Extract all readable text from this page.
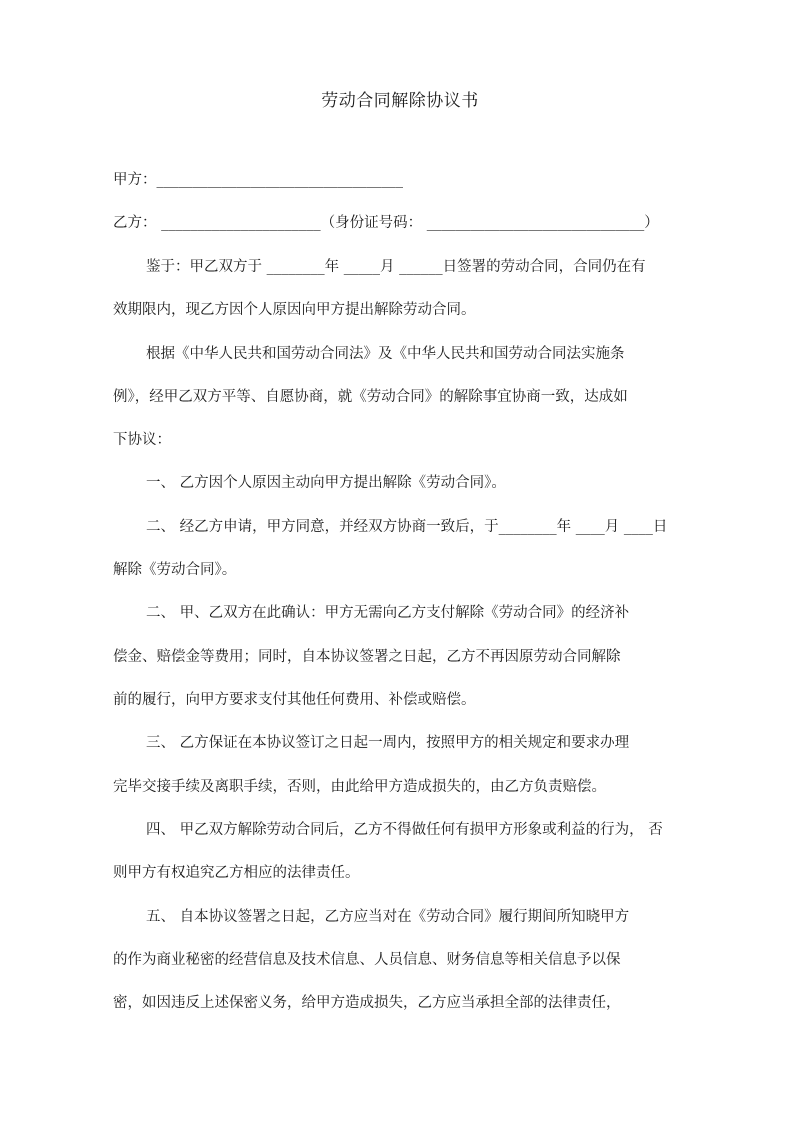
劳动合同解除协议书
甲方：__________________________________
乙方： ______________________（身份证号码： ______________________________）
鉴于：甲乙双方于 ________年 _____月 ______日签署的劳动合同，合同仍在有
效期限内，现乙方因个人原因向甲方提出解除劳动合同。
根据《中华人民共和国劳动合同法》及《中华人民共和国劳动合同法实施条
例》，经甲乙双方平等、自愿协商，就《劳动合同》的解除事宜协商一致，达成如
下协议：
一、 乙方因个人原因主动向甲方提出解除《劳动合同》。
二、 经乙方申请，甲方同意，并经双方协商一致后，于________年 ____月 ____日
解除《劳动合同》。
二、 甲、乙双方在此确认：甲方无需向乙方支付解除《劳动合同》的经济补
偿金、赔偿金等费用；同时，自本协议签署之日起，乙方不再因原劳动合同解除
前的履行，向甲方要求支付其他任何费用、补偿或赔偿。
三、 乙方保证在本协议签订之日起一周内，按照甲方的相关规定和要求办理
完毕交接手续及离职手续，否则，由此给甲方造成损失的，由乙方负责赔偿。
四、 甲乙双方解除劳动合同后，乙方不得做任何有损甲方形象或利益的行为， 否
则甲方有权追究乙方相应的法律责任。
五、 自本协议签署之日起，乙方应当对在《劳动合同》履行期间所知晓甲方
的作为商业秘密的经营信息及技术信息、人员信息、财务信息等相关信息予以保
密，如因违反上述保密义务，给甲方造成损失，乙方应当承担全部的法律责任，
